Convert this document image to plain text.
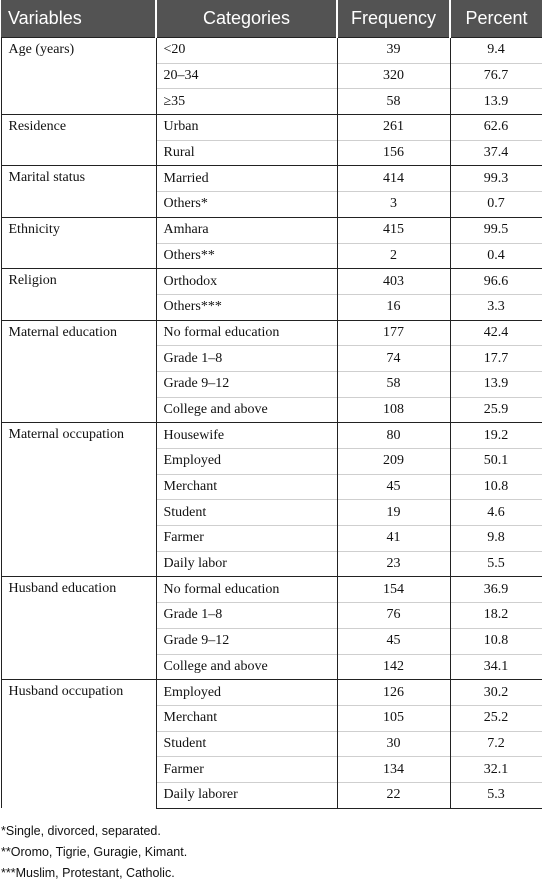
Variables	Categories	Frequency	Percent
Age (years)	<20	39	9.4
	20–34	320	76.7
	≥35	58	13.9
Residence	Urban	261	62.6
	Rural	156	37.4
Marital status	Married	414	99.3
	Others*	3	0.7
Ethnicity	Amhara	415	99.5
	Others**	2	0.4
Religion	Orthodox	403	96.6
	Others***	16	3.3
Maternal education	No formal education	177	42.4
	Grade 1–8	74	17.7
	Grade 9–12	58	13.9
	College and above	108	25.9
Maternal occupation	Housewife	80	19.2
	Employed	209	50.1
	Merchant	45	10.8
	Student	19	4.6
	Farmer	41	9.8
	Daily labor	23	5.5
Husband education	No formal education	154	36.9
	Grade 1–8	76	18.2
	Grade 9–12	45	10.8
	College and above	142	34.1
Husband occupation	Employed	126	30.2
	Merchant	105	25.2
	Student	30	7.2
	Farmer	134	32.1
	Daily laborer	22	5.3
*Single, divorced, separated.
**Oromo, Tigrie, Guragie, Kimant.
***Muslim, Protestant, Catholic.
